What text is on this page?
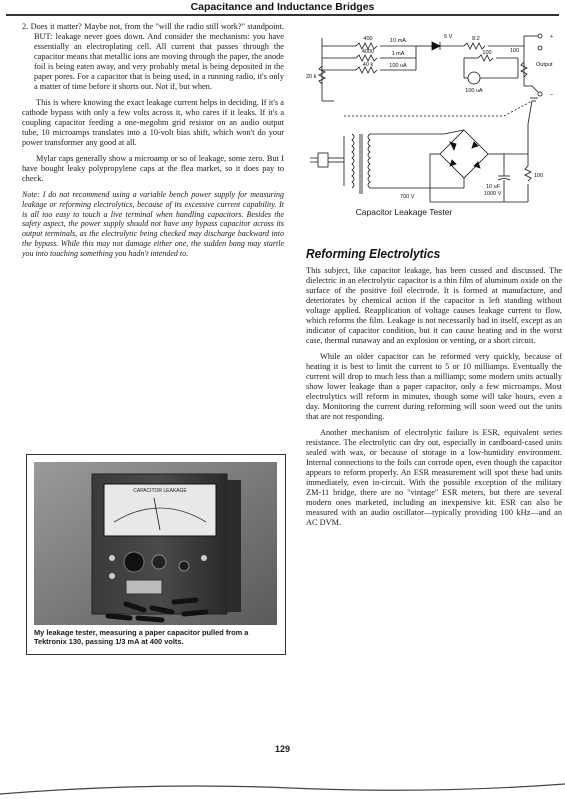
Capacitance and Inductance Bridges

2. Does it matter? Maybe not, from the "will the radio still work?" standpoint. BUT: leakage never goes down. And consider the mechanism: you have essentially an electroplating cell. All current that passes through the capacitor means that metallic ions are moving through the paper, the anode foil is being eaten away, and very probably metal is being deposited in the paper pores. For a capacitor that is being used, in a running radio, it's only a matter of time before it shorts out. Not if, but when.

This is where knowing the exact leakage current helps in deciding. If it's a cathode bypass with only a few volts across it, who cares if it leaks. If it's a coupling capacitor feeding a one-megohm grid resistor on an audio output tube, 10 microamps translates into a 10-volt bias shift, which won't do your power transformer any good at all.

Mylar caps generally show a microamp or so of leakage, some zero. But I have bought leaky polypropylene caps at the flea market, so it does pay to check.

Note: I do not recommend using a variable bench power supply for measuring leakage or reforming electrolytics, because of its excessive current capability. It is all too easy to touch a live terminal when handling capacitors. Besides the safety aspect, the power supply should not have any bypass capacitor across its output terminals, as the electrolytic being checked may discharge backward into the bypass. While this may not damage either one, the sudden bang may startle you into touching something you hadn't intended to.

CAPACITOR LEAKAGE
My leakage tester, measuring a paper capacitor pulled from a Tektronix 130, passing 1/3 mA at 400 volts.
400	10 mA
4000	1 mA
40 k	100 uA
20 k
5 V	8.2
100	100
100 uA
Output
+
–
700 V
10 uF
1000 V
100
Capacitor Leakage Tester
Reforming Electrolytics

This subject, like capacitor leakage, has been cussed and discussed. The dielectric in an electrolytic capacitor is a thin film of aluminum oxide on the surface of the positive foil electrode. It is formed at manufacture, and deteriorates by chemical action if the capacitor is left standing without voltage applied. Reapplication of voltage causes leakage current to flow, which reforms the film. Leakage is not necessarily bad in itself, except as an indicator of capacitor condition, but it can cause heating and in the worst case, thermal runaway and an explosion or venting, or a short circuit.

While an older capacitor can be reformed very quickly, because of heating it is best to limit the current to 5 or 10 milliamps. Eventually the current will drop to much less than a milliamp; some modern units actually show lower leakage than a paper capacitor, only a few microamps. Most electrolytics will reform in minutes, though some will take hours, even a day. Monitoring the current during reforming will soon weed out the units that are not responding.

Another mechanism of electrolytic failure is ESR, equivalent series resistance. The electrolytic can dry out, especially in cardboard-cased units sealed with wax, or because of storage in a low-humidity environment. Internal connections to the foils can corrode open, even though the capacitor appears to reform properly. An ESR measurement will spot these bad units immediately, even in-circuit. With the possible exception of the military ZM-11 bridge, there are no "vintage" ESR meters, but there are several modern ones marketed, including an inexpensive kit. ESR can also be measured with an audio oscillator—typically providing 100 kHz—and an AC DVM.

129
